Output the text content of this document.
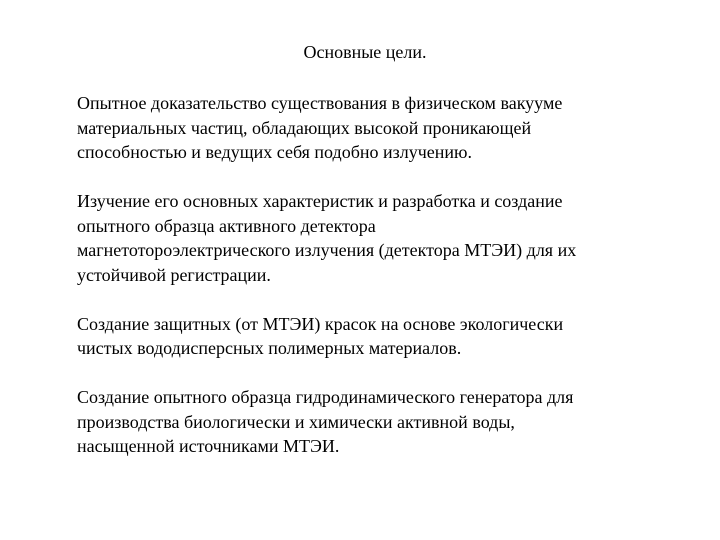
Основные цели.

Опытное доказательство существования в физическом вакууме
материальных частиц, обладающих высокой проникающей
способностью и ведущих себя подобно излучению.

Изучение его основных характеристик и разработка и создание
опытного образца активного детектора
магнетотороэлектрического излучения (детектора МТЭИ) для их
устойчивой регистрации.

Создание защитных (от МТЭИ) красок на основе экологически
чистых вододисперсных полимерных материалов.

Создание опытного образца гидродинамического генератора для
производства биологически и химически активной воды,
насыщенной источниками МТЭИ.
